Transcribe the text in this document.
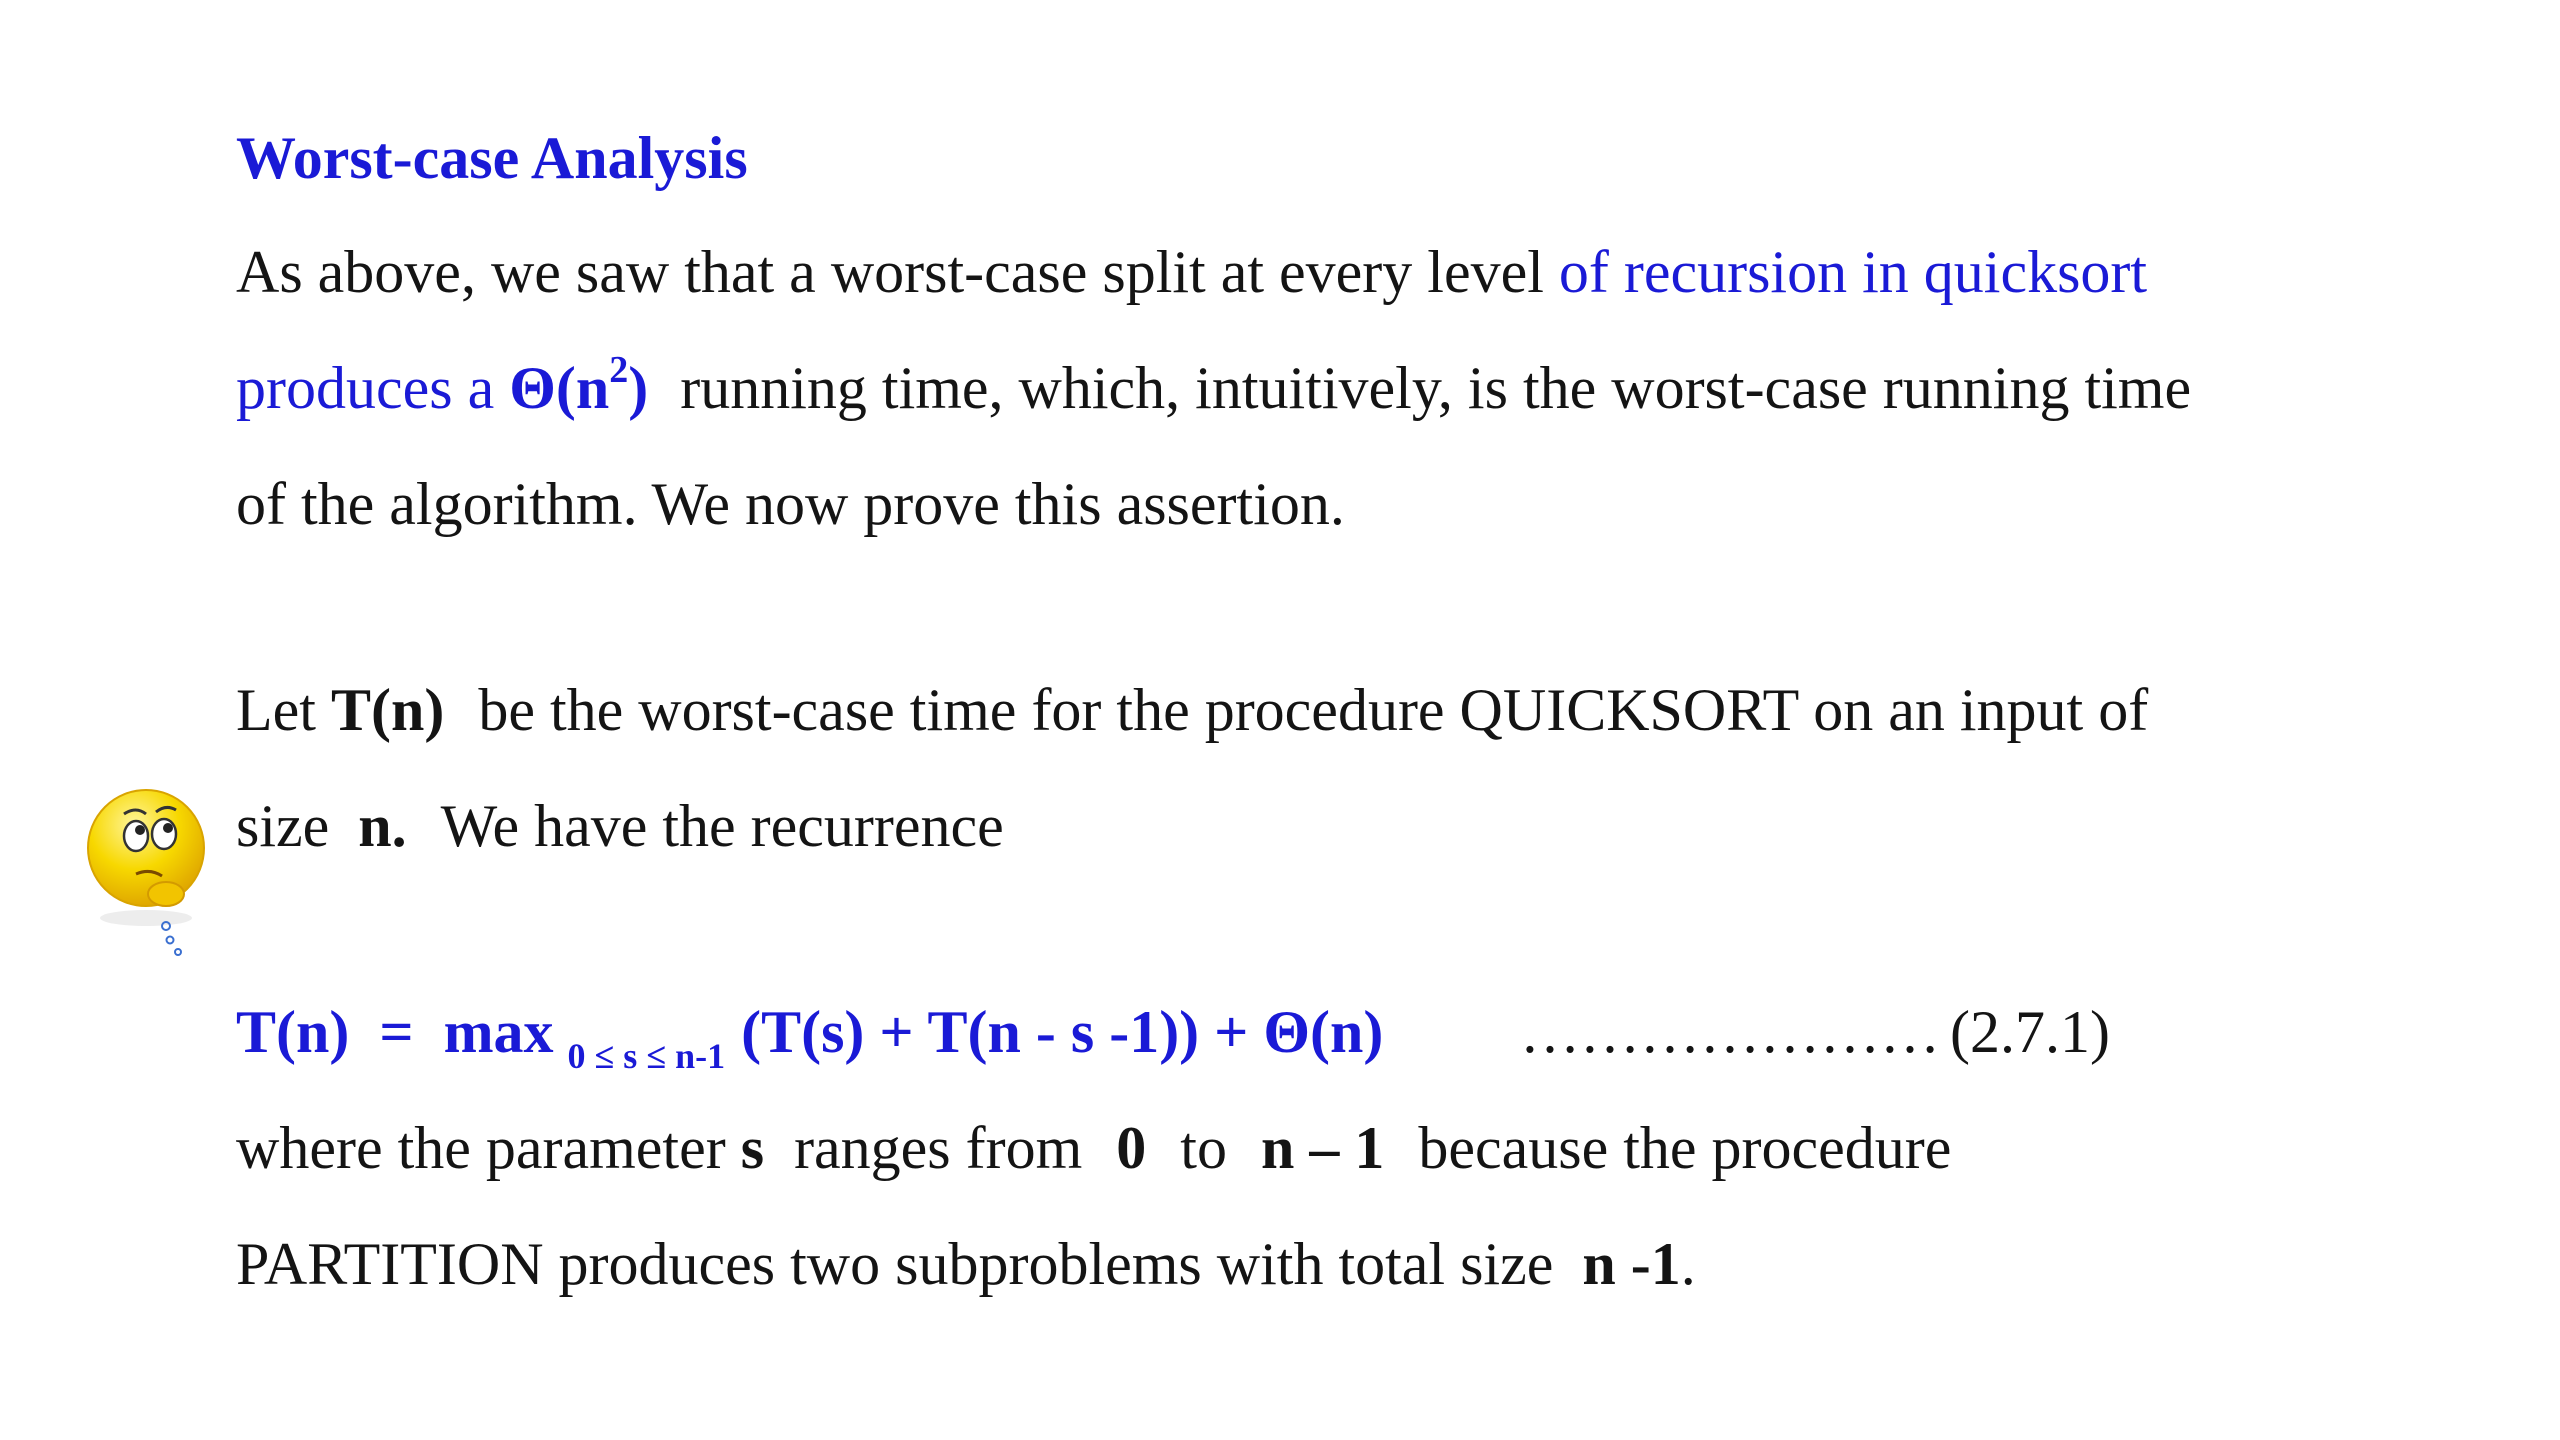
Worst-case Analysis
As above, we saw that a worst-case split at every level of recursion in quicksort
produces a $\Theta(n^2)$ running time, which, intuitively, is the worst-case running time
of the algorithm. We now prove this assertion.
Let T(n) be the worst-case time for the procedure QUICKSORT on an input of
size n. We have the recurrence
T(n) = max $_{0 \le s \le n-1}$ (T(s) + T(n - s -1)) + Θ(n) ………………… (2.7.1)
where the parameter s ranges from 0 to n – 1 because the procedure
PARTITION produces two subproblems with total size n -1.
